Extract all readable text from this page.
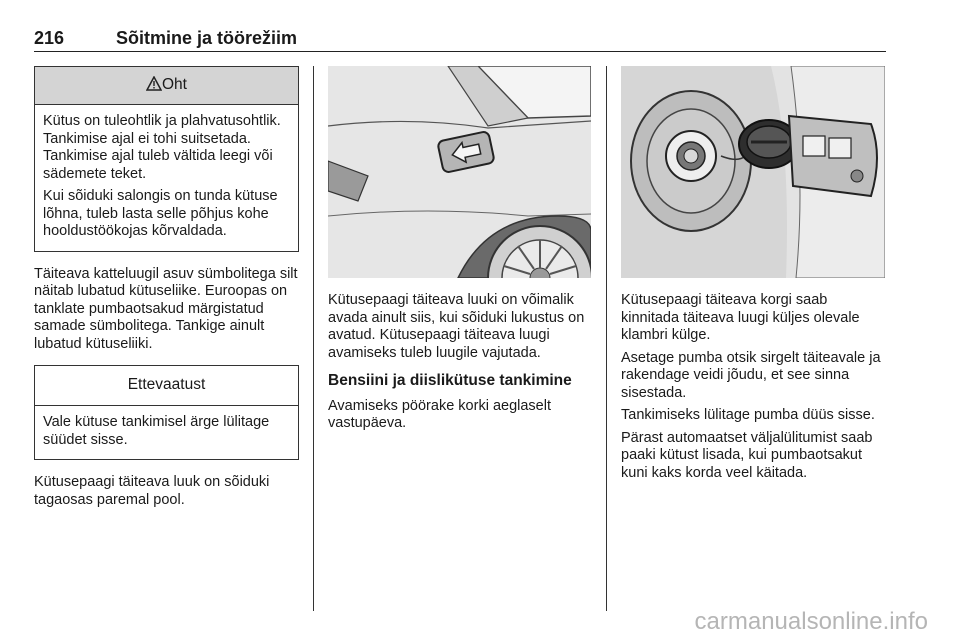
216	Sõitmine ja töörežiim
Oht

Kütus on tuleohtlik ja plahvatusohtlik. Tankimise ajal ei tohi suitsetada. Tankimise ajal tuleb vältida leegi või sädemete teket.

Kui sõiduki salongis on tunda kütuse lõhna, tuleb lasta selle põhjus kohe hooldustöökojas kõrvaldada.

Täiteava katteluugil asuv sümbolitega silt näitab lubatud kütuseliike. Euroopas on tanklate pumbaotsakud märgistatud samade sümbolitega. Tankige ainult lubatud kütuseliiki.

Ettevaatust
Vale kütuse tankimisel ärge lülitage süüdet sisse.

Kütusepaagi täiteava luuk on sõiduki tagaosas paremal pool.

Kütusepaagi täiteava luuki on võimalik avada ainult siis, kui sõiduki lukustus on avatud. Kütusepaagi täiteava luugi avamiseks tuleb luugile vajutada.

Bensiini ja diislikütuse tankimine

Avamiseks pöörake korki aeglaselt vastupäeva.

Kütusepaagi täiteava korgi saab kinnitada täiteava luugi küljes olevale klambri külge.

Asetage pumba otsik sirgelt täiteavale ja rakendage veidi jõudu, et see sinna sisestada.

Tankimiseks lülitage pumba düüs sisse.

Pärast automaatset väljalülitumist saab paaki kütust lisada, kui pumbaotsakut kuni kaks korda veel käitada.

carmanualsonline.info
